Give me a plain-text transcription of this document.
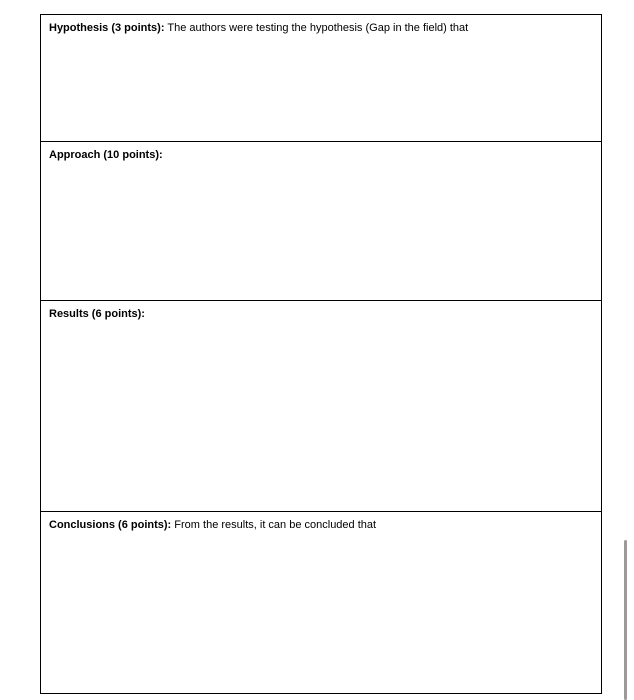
Hypothesis (3 points): The authors were testing the hypothesis (Gap in the field) that
Approach (10 points):
Results (6 points):
Conclusions (6 points): From the results, it can be concluded that
